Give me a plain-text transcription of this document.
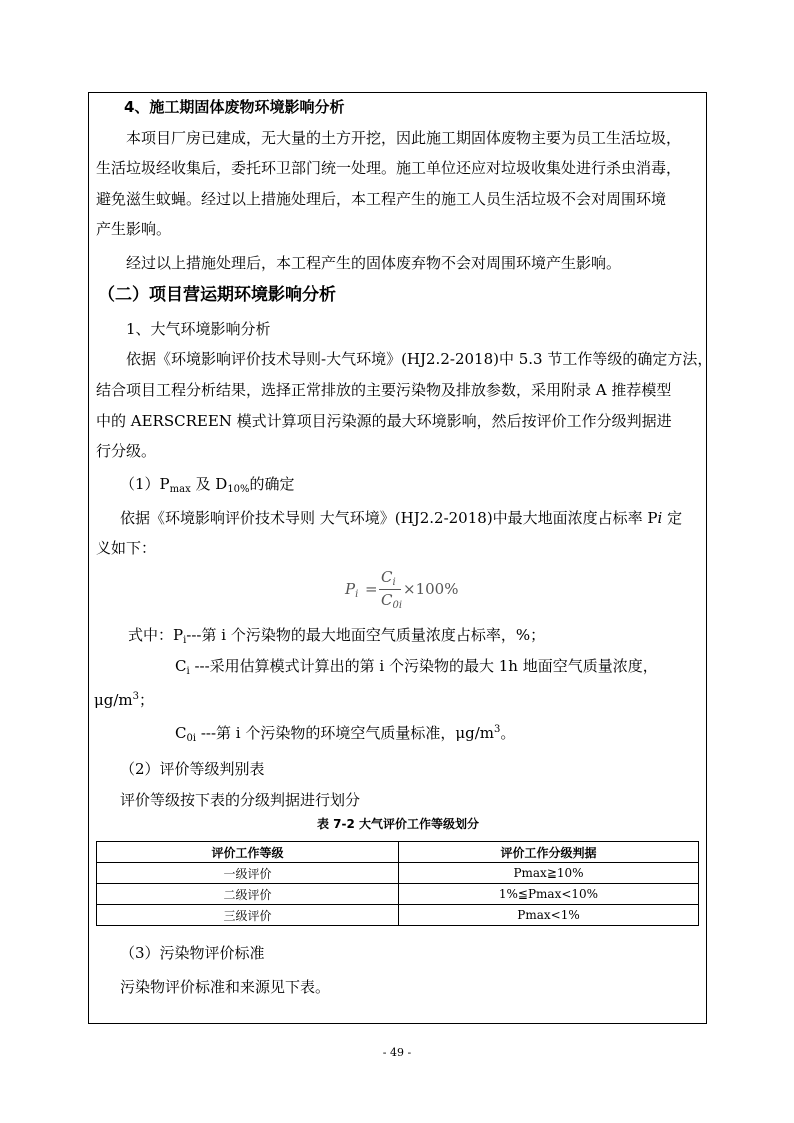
4、施工期固体废物环境影响分析
本项目厂房已建成，无大量的土方开挖，因此施工期固体废物主要为员工生活垃圾，
生活垃圾经收集后，委托环卫部门统一处理。施工单位还应对垃圾收集处进行杀虫消毒，
避免滋生蚊蝇。经过以上措施处理后，本工程产生的施工人员生活垃圾不会对周围环境
产生影响。
经过以上措施处理后，本工程产生的固体废弃物不会对周围环境产生影响。
（二）项目营运期环境影响分析
1、大气环境影响分析
依据《环境影响评价技术导则-大气环境》(HJ2.2-2018)中 5.3 节工作等级的确定方法，
结合项目工程分析结果，选择正常排放的主要污染物及排放参数，采用附录 A 推荐模型
中的 AERSCREEN 模式计算项目污染源的最大环境影响，然后按评价工作分级判据进
行分级。
$(1)P_{max}$ 及 $D_{10\%}$的确定
依据《环境影响评价技术导则 大气环境》(HJ2.2-2018)中最大地面浓度占标率 Pi 定
义如下：
$P_i$ =
$C_i$
$C_{0i}$
×100%
式中：$P_i---$第 i 个污染物的最大地面空气质量浓度占标率，%；
$C_i$ ---采用估算模式计算出的第 i 个污染物的最大 1h 地面空气质量浓度，
$\mu g/m^3$；
$C_{0i}$ ---第 i 个污染物的环境空气质量标准，$\mu g/m^3$。
（2）评价等级判别表
评价等级按下表的分级判据进行划分
表 7-2 大气评价工作等级划分
评价工作等级	评价工作分级判据
一级评价	Pmax≧10%
二级评价	1%≦Pmax<10%
三级评价	Pmax<1%
（3）污染物评价标准
污染物评价标准和来源见下表。
- 49 -
